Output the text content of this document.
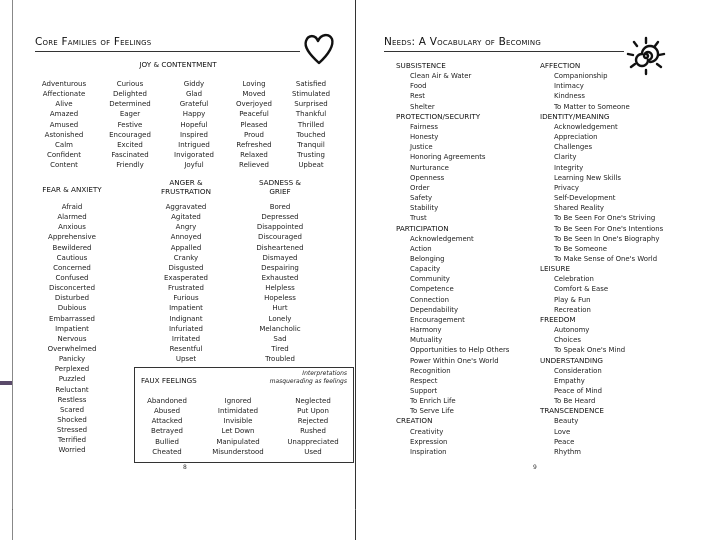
Core Families of Feelings
JOY & CONTENTMENT
Adventurous
Affectionate
Alive
Amazed
Amused
Astonished
Calm
Confident
Content
Curious
Delighted
Determined
Eager
Festive
Encouraged
Excited
Fascinated
Friendly
Giddy
Glad
Grateful
Happy
Hopeful
Inspired
Intrigued
Invigorated
Joyful
Loving
Moved
Overjoyed
Peaceful
Pleased
Proud
Refreshed
Relaxed
Relieved
Satisfied
Stimulated
Surprised
Thankful
Thrilled
Touched
Tranquil
Trusting
Upbeat
FEAR & ANXIETY
Afraid
Alarmed
Anxious
Apprehensive
Bewildered
Cautious
Concerned
Confused
Disconcerted
Disturbed
Dubious
Embarrassed
Impatient
Nervous
Overwhelmed
Panicky
Perplexed
Puzzled
Reluctant
Restless
Scared
Shocked
Stressed
Terrified
Worried
ANGER &
FRUSTRATION
Aggravated
Agitated
Angry
Annoyed
Appalled
Cranky
Disgusted
Exasperated
Frustrated
Furious
Impatient
Indignant
Infuriated
Irritated
Resentful
Upset
SADNESS &
GRIEF
Bored
Depressed
Disappointed
Discouraged
Disheartened
Dismayed
Despairing
Exhausted
Helpless
Hopeless
Hurt
Lonely
Melancholic
Sad
Tired
Troubled
FAUX FEELINGS
Interpretations
masquerading as feelings
Abandoned
Abused
Attacked
Betrayed
Bullied
Cheated
Ignored
Intimidated
Invisible
Let Down
Manipulated
Misunderstood
Neglected
Put Upon
Rejected
Rushed
Unappreciated
Used
8
Needs: A Vocabulary of Becoming
SUBSISTENCE
Clean Air & Water
Food
Rest
Shelter
PROTECTION/SECURITY
Fairness
Honesty
Justice
Honoring Agreements
Nurturance
Openness
Order
Safety
Stability
Trust
PARTICIPATION
Acknowledgement
Action
Belonging
Capacity
Community
Competence
Connection
Dependability
Encouragement
Harmony
Mutuality
Opportunities to Help Others
Power Within One's World
Recognition
Respect
Support
To Enrich Life
To Serve Life
CREATION
Creativity
Expression
Inspiration
AFFECTION
Companionship
Intimacy
Kindness
To Matter to Someone
IDENTITY/MEANING
Acknowledgement
Appreciation
Challenges
Clarity
Integrity
Learning New Skills
Privacy
Self-Development
Shared Reality
To Be Seen For One's Striving
To Be Seen For One's Intentions
To Be Seen In One's Biography
To Be Someone
To Make Sense of One's World
LEISURE
Celebration
Comfort & Ease
Play & Fun
Recreation
FREEDOM
Autonomy
Choices
To Speak One's Mind
UNDERSTANDING
Consideration
Empathy
Peace of Mind
To Be Heard
TRANSCENDENCE
Beauty
Love
Peace
Rhythm
9
